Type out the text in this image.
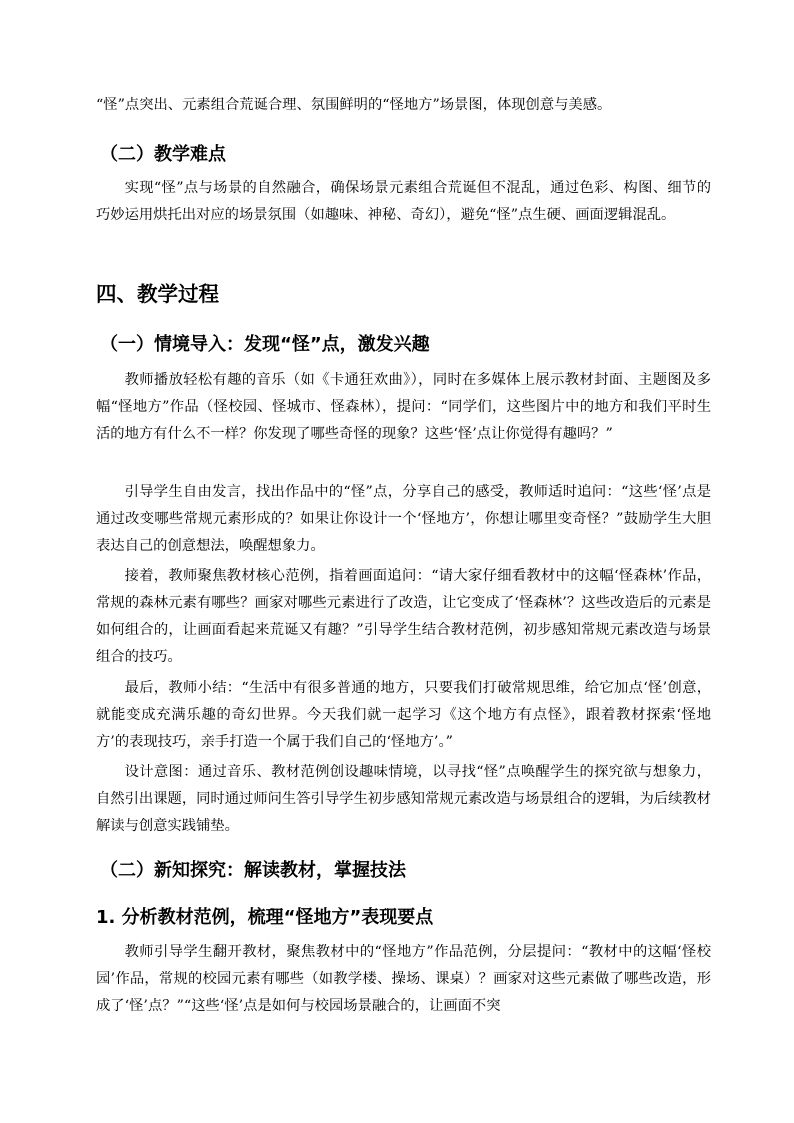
“怪”点突出、元素组合荒诞合理、氛围鲜明的“怪地方”场景图，体现创意与美感。

（二）教学难点

实现“怪”点与场景的自然融合，确保场景元素组合荒诞但不混乱，通过色彩、构图、细节的巧妙运用烘托出对应的场景氛围（如趣味、神秘、奇幻），避免“怪”点生硬、画面逻辑混乱。

四、教学过程
（一）情境导入：发现“怪”点，激发兴趣

教师播放轻松有趣的音乐（如《卡通狂欢曲》），同时在多媒体上展示教材封面、主题图及多幅“怪地方”作品（怪校园、怪城市、怪森林），提问：“同学们，这些图片中的地方和我们平时生活的地方有什么不一样？你发现了哪些奇怪的现象？这些‘怪’点让你觉得有趣吗？”

引导学生自由发言，找出作品中的“怪”点，分享自己的感受，教师适时追问：“这些‘怪’点是通过改变哪些常规元素形成的？如果让你设计一个‘怪地方’，你想让哪里变奇怪？”鼓励学生大胆表达自己的创意想法，唤醒想象力。

接着，教师聚焦教材核心范例，指着画面追问：“请大家仔细看教材中的这幅‘怪森林’作品，常规的森林元素有哪些？画家对哪些元素进行了改造，让它变成了‘怪森林’？这些改造后的元素是如何组合的，让画面看起来荒诞又有趣？”引导学生结合教材范例，初步感知常规元素改造与场景组合的技巧。

最后，教师小结：“生活中有很多普通的地方，只要我们打破常规思维，给它加点‘怪’创意，就能变成充满乐趣的奇幻世界。今天我们就一起学习《这个地方有点怪》，跟着教材探索‘怪地方’的表现技巧，亲手打造一个属于我们自己的‘怪地方’。”

设计意图：通过音乐、教材范例创设趣味情境，以寻找“怪”点唤醒学生的探究欲与想象力，自然引出课题，同时通过师问生答引导学生初步感知常规元素改造与场景组合的逻辑，为后续教材解读与创意实践铺垫。

（二）新知探究：解读教材，掌握技法
1. 分析教材范例，梳理“怪地方”表现要点

教师引导学生翻开教材，聚焦教材中的“怪地方”作品范例，分层提问：“教材中的这幅‘怪校园’作品，常规的校园元素有哪些（如教学楼、操场、课桌）？画家对这些元素做了哪些改造，形成了‘怪’点？”“这些‘怪’点是如何与校园场景融合的，让画面不突
